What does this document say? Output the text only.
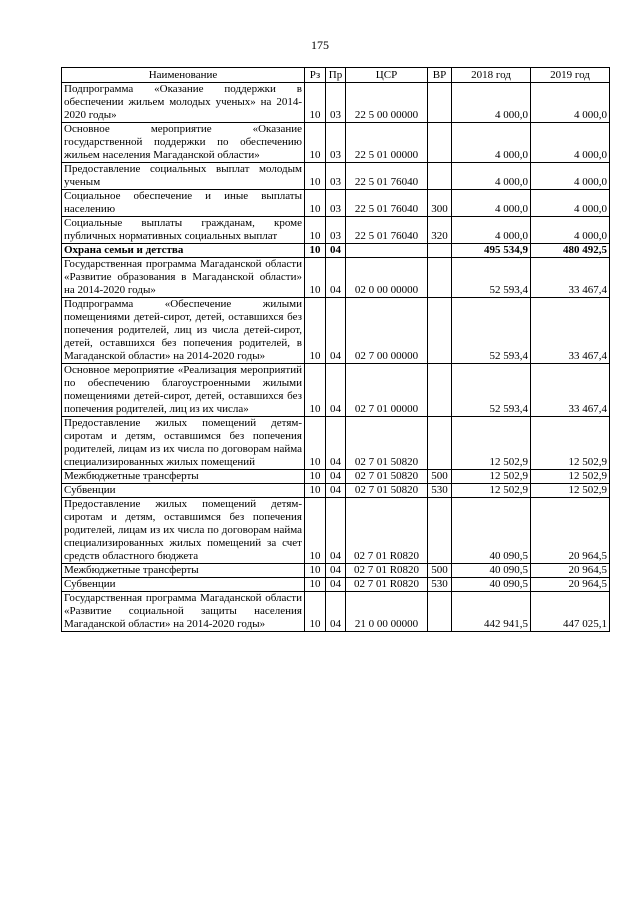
175
Наименование	Рз	Пр	ЦСР	ВР	2018 год	2019 год
Подпрограмма «Оказание поддержки в обеспечении жильем молодых ученых» на 2014-2020 годы»	10	03	22 5 00 00000		4 000,0	4 000,0
Основное мероприятие «Оказание государственной поддержки по обеспечению жильем населения Магаданской области»	10	03	22 5 01 00000		4 000,0	4 000,0
Предоставление социальных выплат молодым ученым	10	03	22 5 01 76040		4 000,0	4 000,0
Социальное обеспечение и иные выплаты населению	10	03	22 5 01 76040	300	4 000,0	4 000,0
Социальные выплаты гражданам, кроме публичных нормативных социальных выплат	10	03	22 5 01 76040	320	4 000,0	4 000,0
Охрана семьи и детства	10	04			495 534,9	480 492,5
Государственная программа Магаданской области «Развитие образования в Магаданской области» на 2014-2020 годы»	10	04	02 0 00 00000		52 593,4	33 467,4
Подпрограмма «Обеспечение жилыми помещениями детей-сирот, детей, оставшихся без попечения родителей, лиц из числа детей-сирот, детей, оставшихся без попечения родителей, в Магаданской области» на 2014-2020 годы»	10	04	02 7 00 00000		52 593,4	33 467,4
Основное мероприятие «Реализация мероприятий по обеспечению благоустроенными жилыми помещениями детей-сирот, детей, оставшихся без попечения родителей, лиц из их числа»	10	04	02 7 01 00000		52 593,4	33 467,4
Предоставление жилых помещений детям-сиротам и детям, оставшимся без попечения родителей, лицам из их числа по договорам найма специализированных жилых помещений	10	04	02 7 01 50820		12 502,9	12 502,9
Межбюджетные трансферты	10	04	02 7 01 50820	500	12 502,9	12 502,9
Субвенции	10	04	02 7 01 50820	530	12 502,9	12 502,9
Предоставление жилых помещений детям-сиротам и детям, оставшимся без попечения родителей, лицам из их числа по договорам найма специализированных жилых помещений за счет средств областного бюджета	10	04	02 7 01 R0820		40 090,5	20 964,5
Межбюджетные трансферты	10	04	02 7 01 R0820	500	40 090,5	20 964,5
Субвенции	10	04	02 7 01 R0820	530	40 090,5	20 964,5
Государственная программа Магаданской области «Развитие социальной защиты населения Магаданской области» на 2014-2020 годы»	10	04	21 0 00 00000		442 941,5	447 025,1
